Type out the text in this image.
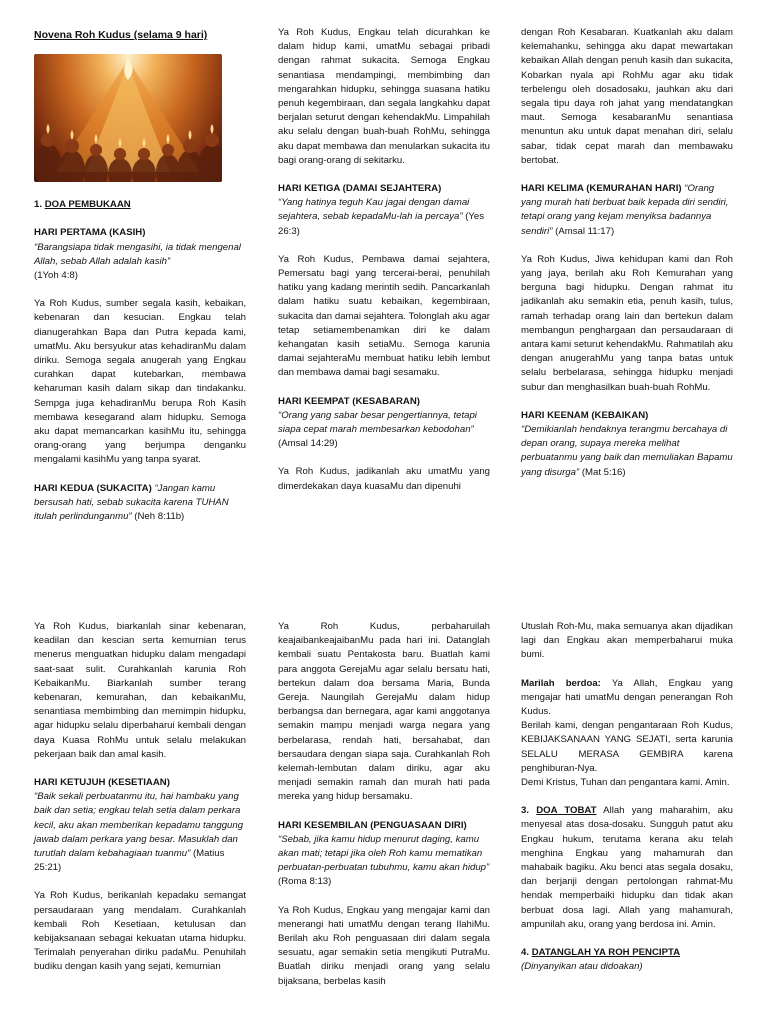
Novena Roh Kudus (selama 9 hari)

1. DOA PEMBUKAAN

HARI PERTAMA (KASIH)

“Barangsiapa tidak mengasihi, ia tidak mengenal Allah, sebab Allah adalah kasih”
(1Yoh 4:8)

Ya Roh Kudus, sumber segala kasih, kebaikan, kebenaran dan kesucian. Engkau telah dianugerahkan Bapa dan Putra kepada kami, umatMu. Aku bersyukur atas kehadiranMu dalam diriku. Semoga segala anugerah yang Engkau curahkan dapat kutebarkan, membawa keharuman kasih dalam sikap dan tindakanku. Sempga juga kehadiranMu berupa Roh Kasih membawa kesegarand alam hidupku. Semoga aku dapat memancarkan kasihMu itu, sehingga orang-orang yang berjumpa denganku mengalami kasihMu yang tanpa syarat.

HARI KEDUA (SUKACITA) “Jangan kamu bersusah hati, sebab sukacita karena TUHAN itulah perlindunganmu” (Neh 8:11b)

Ya Roh Kudus, Engkau telah dicurahkan ke dalam hidup kami, umatMu sebagai pribadi dengan rahmat sukacita. Semoga Engkau senantiasa mendampingi, membimbing dan mengarahkan hidupku, sehingga suasana hatiku penuh kegembiraan, dan segala langkahku dapat berjalan seturut dengan kehendakMu. Limpahilah aku selalu dengan buah-buah RohMu, sehingga aku dapat membawa dan menularkan sukacita itu bagi orang-orang di sekitarku.

HARI KETIGA (DAMAI SEJAHTERA)

“Yang hatinya teguh Kau jagai dengan damai sejahtera, sebab kepadaMu-lah ia percaya” (Yes 26:3)

Ya Roh Kudus, Pembawa damai sejahtera, Pemersatu bagi yang tercerai-berai, penuhilah hatiku yang kadang merintih sedih. Pancarkanlah dalam hatiku suatu kebaikan, kegembiraan, sukacita dan damai sejahtera. Tolonglah aku agar tetap setiamembenamkan diri ke dalam kehangatan kasih setiaMu. Semoga karunia damai sejahteraMu membuat hatiku lebih lembut dan membawa damai bagi sesamaku.

HARI KEEMPAT (KESABARAN)

“Orang yang sabar besar pengertiannya, tetapi siapa cepat marah membesarkan kebodohan” (Amsal 14:29)

Ya Roh Kudus, jadikanlah aku umatMu yang dimerdekakan daya kuasaMu dan dipenuhi

dengan Roh Kesabaran. Kuatkanlah aku dalam kelemahanku, sehingga aku dapat mewartakan kebaikan Allah dengan penuh kasih dan sukacita, Kobarkan nyala api RohMu agar aku tidak terbelengu oleh dosadosaku, jauhkan aku dari segala tipu daya roh jahat yang mendatangkan maut. Semoga kesabaranMu senantiasa menuntun aku untuk dapat menahan diri, selalu sabar, tidak cepat marah dan membawaku bertobat.

HARI KELIMA (KEMURAHAN HARI) “Orang yang murah hati berbuat baik kepada diri sendiri, tetapi orang yang kejam menyiksa badannya sendiri” (Amsal 11:17)

Ya Roh Kudus, Jiwa kehidupan kami dan Roh yang jaya, berilah aku Roh Kemurahan yang berguna bagi hidupku. Dengan rahmat itu jadikanlah aku semakin etia, penuh kasih, tulus, ramah terhadap orang lain dan bertekun dalam membangun penghargaan dan persaudaraan di antara kami seturut kehendakMu. Rahmatilah aku dengan anugerahMu yang tanpa batas untuk selalu berbelarasa, sehingga hidupku menjadi subur dan menghasilkan buah-buah RohMu.

HARI KEENAM (KEBAIKAN)

“Demikianlah hendaknya terangmu bercahaya di depan orang, supaya mereka melihat perbuatanmu yang baik dan memuliakan Bapamu yang disurga” (Mat 5:16)

Ya Roh Kudus, biarkanlah sinar kebenaran, keadilan dan kescian serta kemurnian terus menerus menguatkan hidupku dalam mengadapi saat-saat sulit. Curahkanlah karunia Roh KebaikanMu. Biarkanlah sumber terang kebenaran, kemurahan, dan kebaikanMu, senantiasa membimbing dan memimpin hidupku, agar hidupku selalu diperbaharui kembali dengan daya Kuasa RohMu untuk selalu melakukan pekerjaan baik dan amal kasih.

HARI KETUJUH (KESETIAAN)

“Baik sekali perbuatanmu itu, hai hambaku yang baik dan setia; engkau telah setia dalam perkara kecil, aku akan memberikan kepadamu tanggung jawab dalam perkara yang besar. Masuklah dan turutlah dalam kebahagiaan tuanmu” (Matius 25:21)

Ya Roh Kudus, berikanlah kepadaku semangat persaudaraan yang mendalam. Curahkanlah kembali Roh Kesetiaan, ketulusan dan kebijaksanaan sebagai kekuatan utama hidupku. Terimalah penyerahan diriku padaMu. Penuhilah budiku dengan kasih yang sejati, kemurnian

Ya Roh Kudus, perbaharuilah keajaibankeajaibanMu pada hari ini. Datanglah kembali suatu Pentakosta baru. Buatlah kami para anggota GerejaMu agar selalu bersatu hati, bertekun dalam doa bersama Maria, Bunda Gereja. Naungilah GerejaMu dalam hidup berbangsa dan bernegara, agar kami anggotanya semakin mampu menjadi warga negara yang berbelarasa, rendah hati, bersahabat, dan bersaudara dengan siapa saja. Curahkanlah Roh kelemah-lembutan dalam diriku, agar aku menjadi semakin ramah dan murah hati pada mereka yang hidup bersamaku.

HARI KESEMBILAN (PENGUASAAN DIRI)

“Sebab, jika kamu hidup menurut daging, kamu akan mati; tetapi jika oleh Roh kamu mematikan perbuatan-perbuatan tubuhmu, kamu akan hidup” (Roma 8:13)

Ya Roh Kudus, Engkau yang mengajar kami dan menerangi hati umatMu dengan terang IlahiMu. Berilah aku Roh penguasaan diri dalam segala sesuatu, agar semakin setia mengikuti PutraMu. Buatlah diriku menjadi orang yang selalu bijaksana, berbelas kasih

Utuslah Roh-Mu, maka semuanya akan dijadikan lagi dan Engkau akan memperbaharui muka bumi.

Marilah berdoa: Ya Allah, Engkau yang mengajar hati umatMu dengan penerangan Roh Kudus.
Berilah kami, dengan pengantaraan Roh Kudus, KEBIJAKSANAAN YANG SEJATI, serta karunia SELALU MERASA GEMBIRA karena penghiburan-Nya.
Demi Kristus, Tuhan dan pengantara kami. Amin.

3. DOA TOBAT Allah yang maharahim, aku menyesal atas dosa-dosaku. Sungguh patut aku Engkau hukum, terutama kerana aku telah menghina Engkau yang mahamurah dan mahabaik bagiku. Aku benci atas segala dosaku, dan berjanji dengan pertolongan rahmat-Mu hendak memperbaiki hidupku dan tidak akan berbuat dosa lagi. Allah yang mahamurah, ampunilah aku, orang yang berdosa ini. Amin.

4. DATANGLAH YA ROH PENCIPTA

(Dinyanyikan atau didoakan)
